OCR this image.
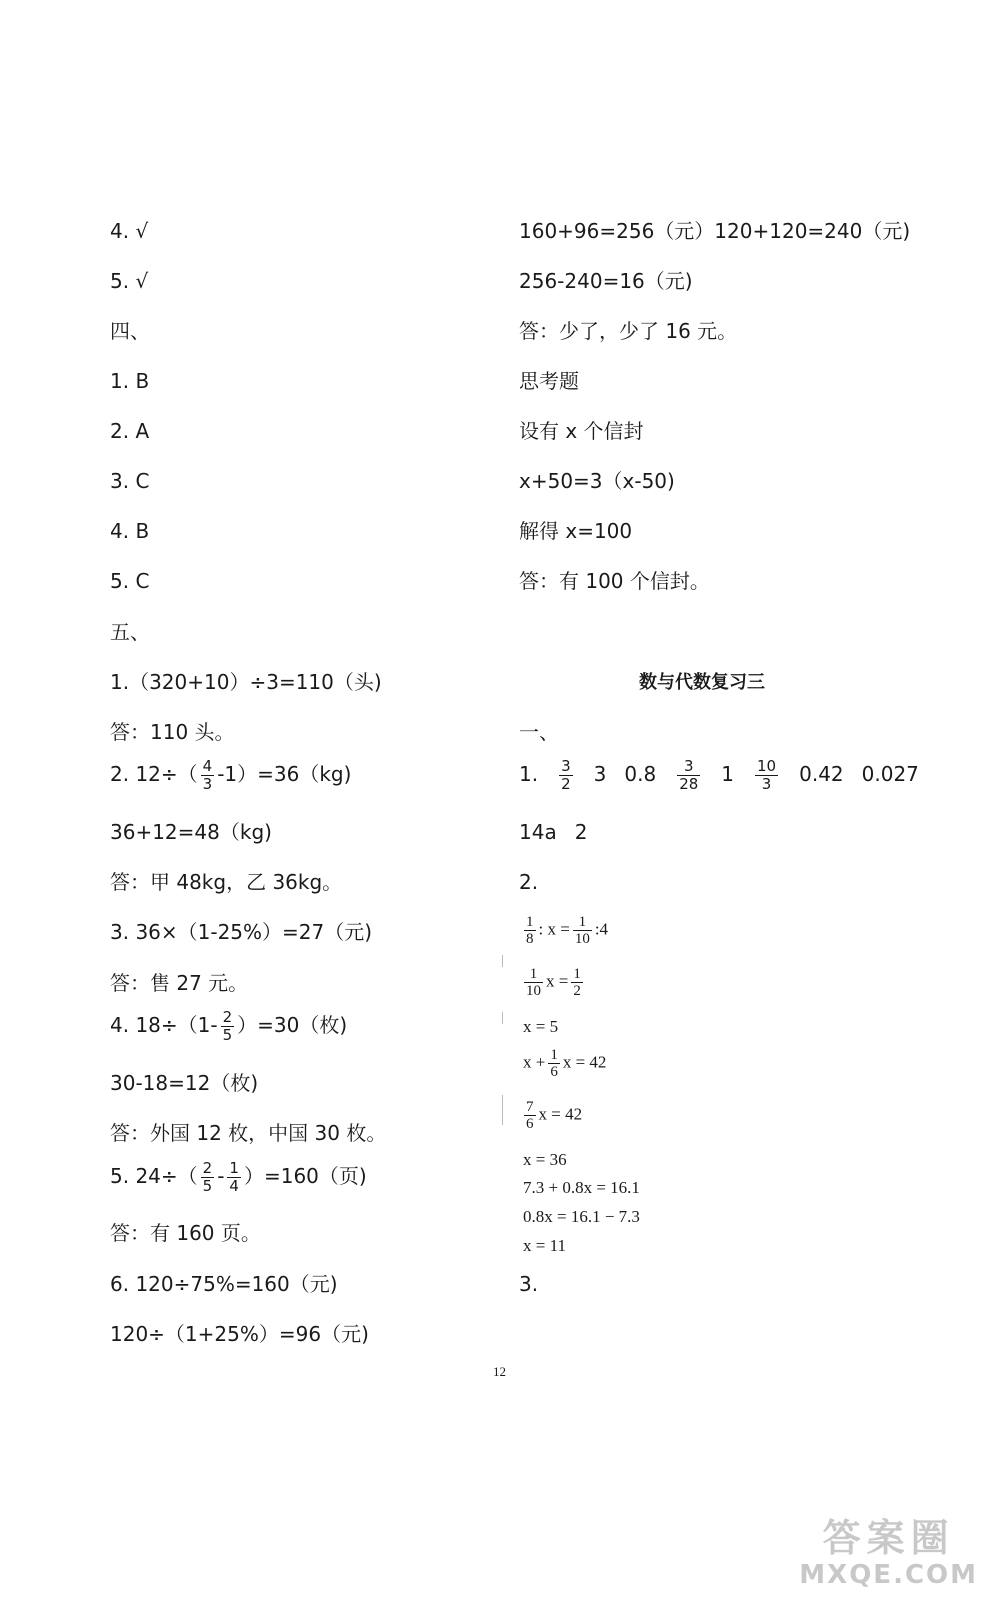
4. √
5. √
四、
1. B
2. A
3. C
4. B
5. C
五、
1.（320+10）÷3=110（头)
答：110 头。
2. $12\div( \frac{4}{3} -1)=36(kg)$
36+12=48（kg)
答：甲 48kg，乙 36kg。
3. 36×（1-25%）=27（元)
答：售 27 元。
4. $18\div(1- \frac{2}{5} )=30$（枚)
30-18=12（枚)
答：外国 12 枚，中国 30 枚。
5. $24\div( \frac{2}{5} - \frac{1}{4} )=160$（页)
答：有 160 页。
6. 120÷75%=160（元)
120÷（1+25%）=96（元)
160+96=256（元）120+120=240（元)
256-240=16（元)
答：少了，少了 16 元。
思考题
设有 x 个信封
x+50=3（x-50)
解得 x=100
答：有 100 个信封。
数与代数复习三
一、
1. $\frac{3}{2} 3$ $0.8 \frac{3}{28} 1 \frac{10}{3} 0.42$ 0.027
14a 2
2.
$\frac{1}{8}$ : $x = \frac{1}{10}$ :4
$\frac{1}{10}$ $x = \frac{1}{2}$
x = 5
$x + \frac{1}{6}$ x = 42
$\frac{7}{6}$ x = 42
x = 36
7.3 + 0.8x = 16.1
0.8x = 16.1 − 7.3
x = 11
3.
12
答案圈
MXQE.COM
